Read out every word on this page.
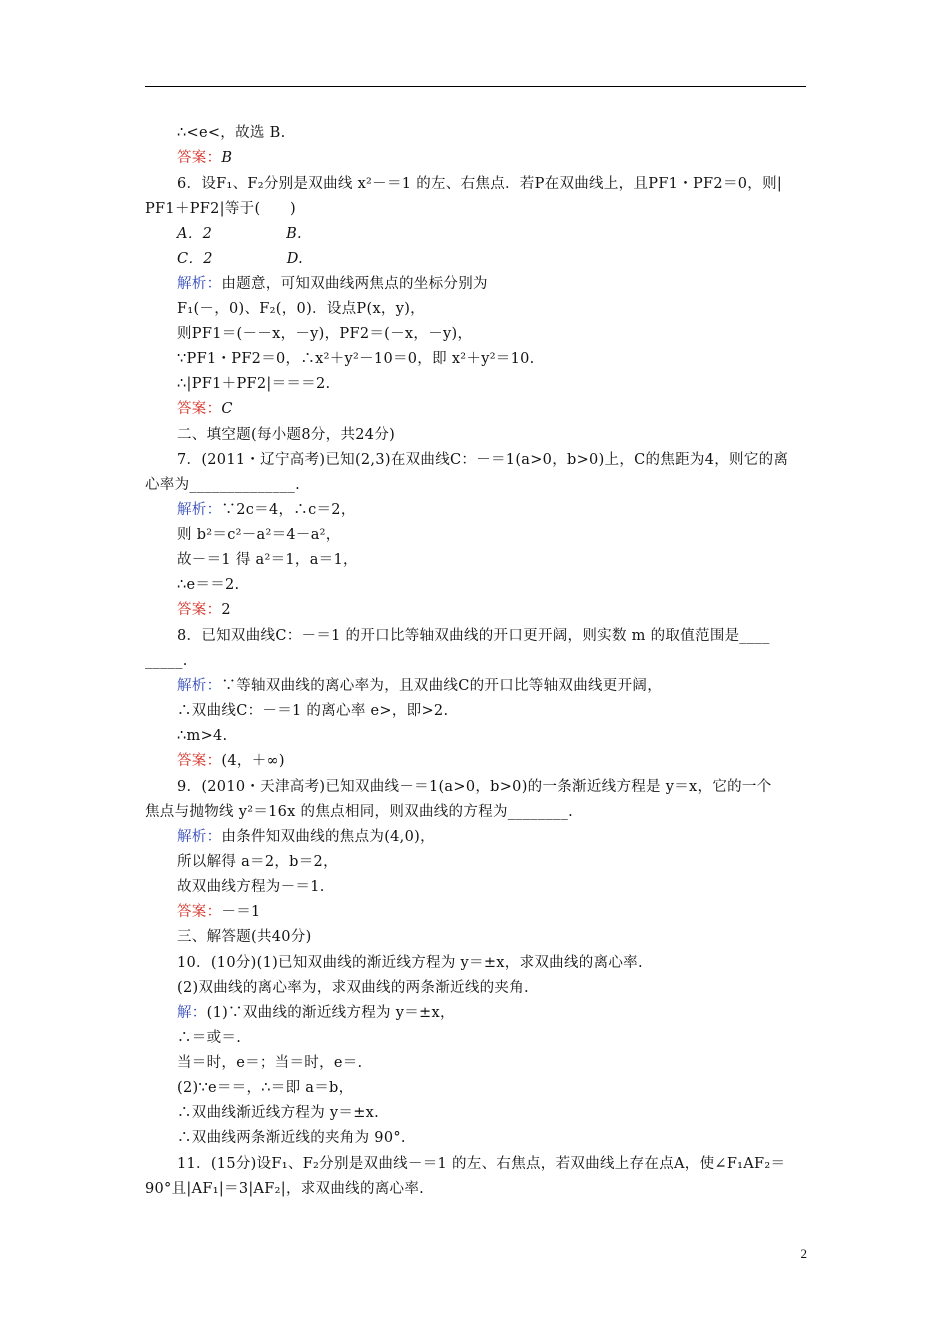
∴<e<，故选 B.
答案：B
6．设F₁、F₂分别是双曲线 x²－＝1 的左、右焦点．若P在双曲线上，且PF1・PF2＝0，则|
PF1＋PF2|等于(　　)
A．2　　　　　B.
C．2　　　　　D.
解析：由题意，可知双曲线两焦点的坐标分别为
F₁(－，0)、F₂(，0)．设点P(x，y)，
则PF1＝(－－x，－y)，PF2＝(－x，－y)，
∵PF1・PF2＝0，∴x²＋y²－10＝0，即 x²＋y²＝10.
∴|PF1＋PF2|＝＝＝2.
答案：C
二、填空题(每小题8分，共24分)
7．(2011・辽宁高考)已知(2,3)在双曲线C：－＝1(a>0，b>0)上，C的焦距为4，则它的离
心率为______________.
解析：∵2c＝4，∴c＝2，
则 b²＝c²－a²＝4－a²，
故－＝1 得 a²＝1，a＝1，
∴e＝＝2.
答案：2
8．已知双曲线C：－＝1 的开口比等轴双曲线的开口更开阔，则实数 m 的取值范围是____
_____.
解析：∵等轴双曲线的离心率为，且双曲线C的开口比等轴双曲线更开阔，
∴双曲线C：－＝1 的离心率 e>，即>2.
∴m>4.
答案：(4，＋∞)
9．(2010・天津高考)已知双曲线－＝1(a>0，b>0)的一条渐近线方程是 y＝x，它的一个
焦点与抛物线 y²＝16x 的焦点相同，则双曲线的方程为________.
解析：由条件知双曲线的焦点为(4,0)，
所以解得 a＝2，b＝2，
故双曲线方程为－＝1.
答案：－＝1
三、解答题(共40分)
10．(10分)(1)已知双曲线的渐近线方程为 y＝±x，求双曲线的离心率.
(2)双曲线的离心率为，求双曲线的两条渐近线的夹角.
解：(1)∵双曲线的渐近线方程为 y＝±x，
∴＝或＝.
当＝时，e＝；当＝时，e＝.
(2)∵e＝＝，∴＝即 a＝b，
∴双曲线渐近线方程为 y＝±x.
∴双曲线两条渐近线的夹角为 90°.
11．(15分)设F₁、F₂分别是双曲线－＝1 的左、右焦点，若双曲线上存在点A，使∠F₁AF₂＝
90°且|AF₁|＝3|AF₂|，求双曲线的离心率.
2
